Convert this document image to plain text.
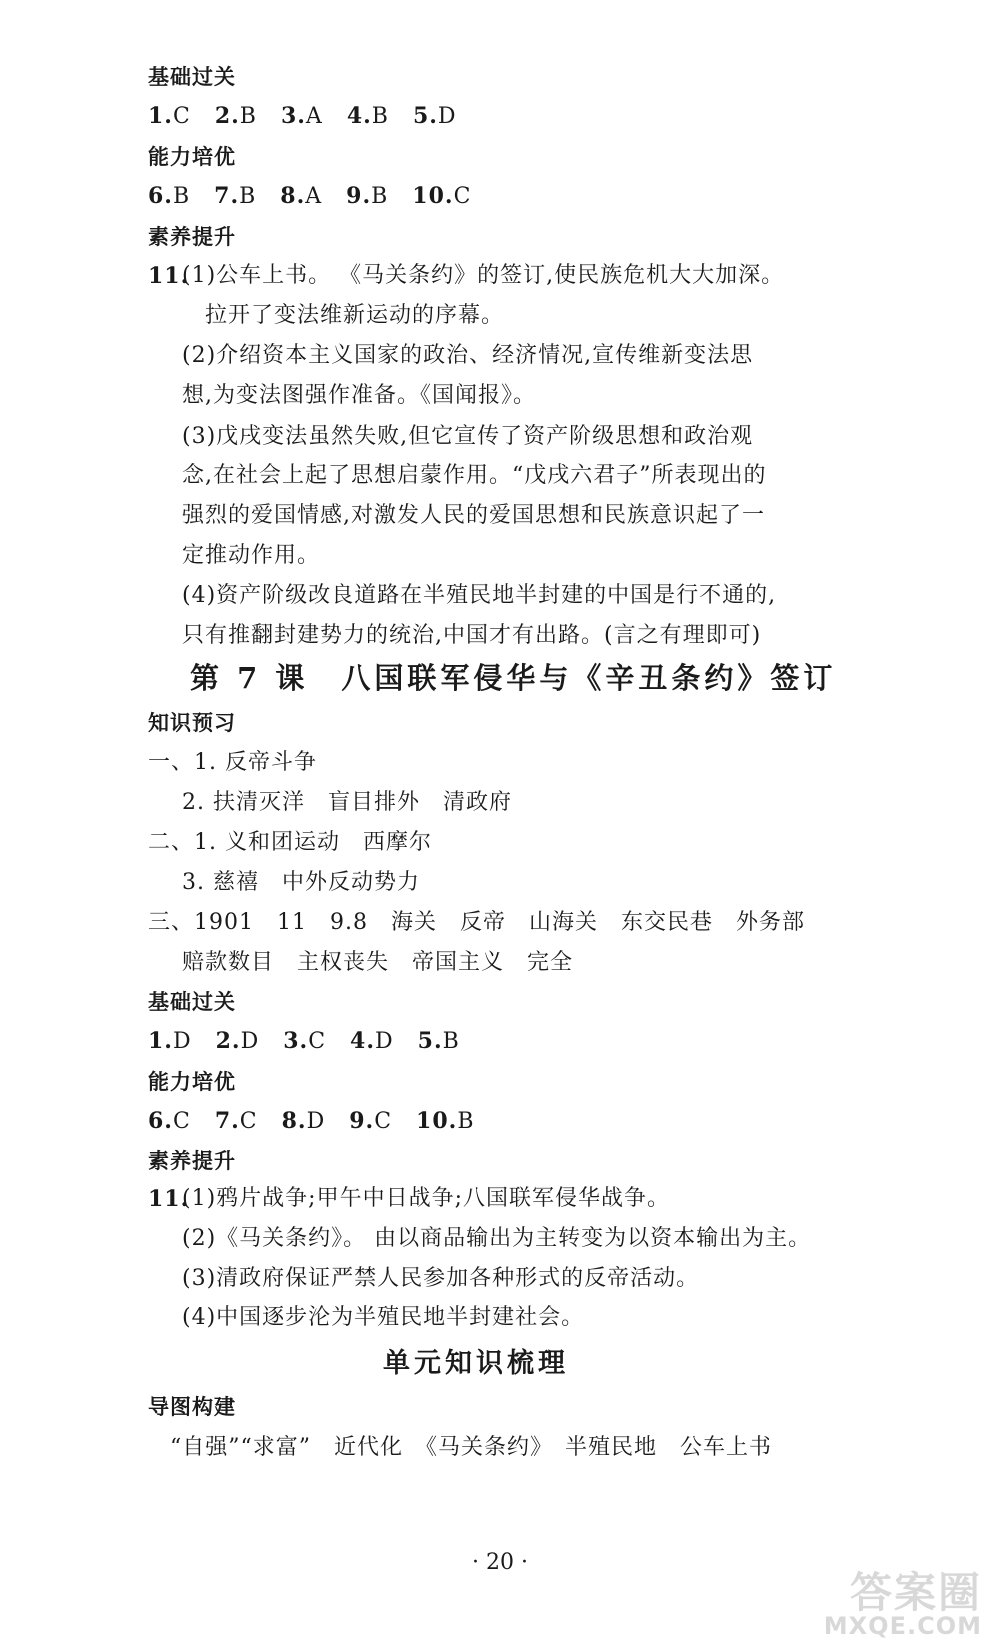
基础过关
1.C 2.B 3.A 4.B 5.D
能力培优
6.B 7.B 8.A 9.B 10.C
素养提升
11.
(1)公车上书。 《马关条约》的签订,使民族危机大大加深。
拉开了变法维新运动的序幕。
(2)介绍资本主义国家的政治、经济情况,宣传维新变法思
想,为变法图强作准备。《国闻报》。
(3)戊戌变法虽然失败,但它宣传了资产阶级思想和政治观
念,在社会上起了思想启蒙作用。“戊戌六君子”所表现出的
强烈的爱国情感,对激发人民的爱国思想和民族意识起了一
定推动作用。
(4)资产阶级改良道路在半殖民地半封建的中国是行不通的,
只有推翻封建势力的统治,中国才有出路。(言之有理即可)
第 7 课　八国联军侵华与《辛丑条约》签订
知识预习
一、1. 反帝斗争
2. 扶清灭洋　盲目排外　清政府
二、1. 义和团运动　西摩尔
3. 慈禧　中外反动势力
三、1901　11　9.8　海关　反帝　山海关　东交民巷　外务部
赔款数目　主权丧失　帝国主义　完全
基础过关
1.D 2.D 3.C 4.D 5.B
能力培优
6.C 7.C 8.D 9.C 10.B
素养提升
11.
(1)鸦片战争;甲午中日战争;八国联军侵华战争。
(2)《马关条约》。 由以商品输出为主转变为以资本输出为主。
(3)清政府保证严禁人民参加各种形式的反帝活动。
(4)中国逐步沦为半殖民地半封建社会。
单元知识梳理
导图构建
“自强”“求富”　近代化　《马关条约》　半殖民地　公车上书
· 20 ·
答案圈
MXQE.COM
